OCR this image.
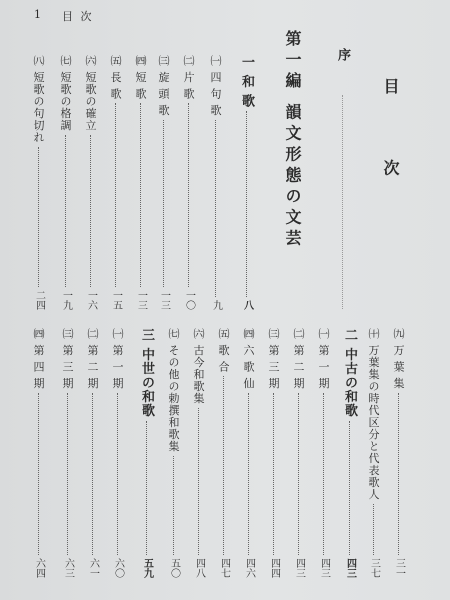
1 目 次
目 次
序
第一編 韻文形態の文芸
一 和 歌
八
㈠ 四 句 歌
九
㈡ 片 歌
一〇
㈢ 旋 頭 歌
一三
㈣ 短 歌
一三
㈤ 長 歌
一五
㈥ 短歌の確立
一六
㈦ 短歌の格調
一九
㈧ 短歌の句切れ
二四
㈨ 万 葉 集
三一
㈩ 万葉集の時代区分と代表歌人
三七
二 中古の和歌
四三
㈠ 第 一 期
四三
㈡ 第 二 期
四三
㈢ 第 三 期
四四
㈣ 六 歌 仙
四六
㈤ 歌 合
四七
㈥ 古今和歌集
四八
㈦ その他の勅撰和歌集
五〇
三 中世の和歌
五九
㈠ 第 一 期
六〇
㈡ 第 二 期
六一
㈢ 第 三 期
六三
㈣ 第 四 期
六四
